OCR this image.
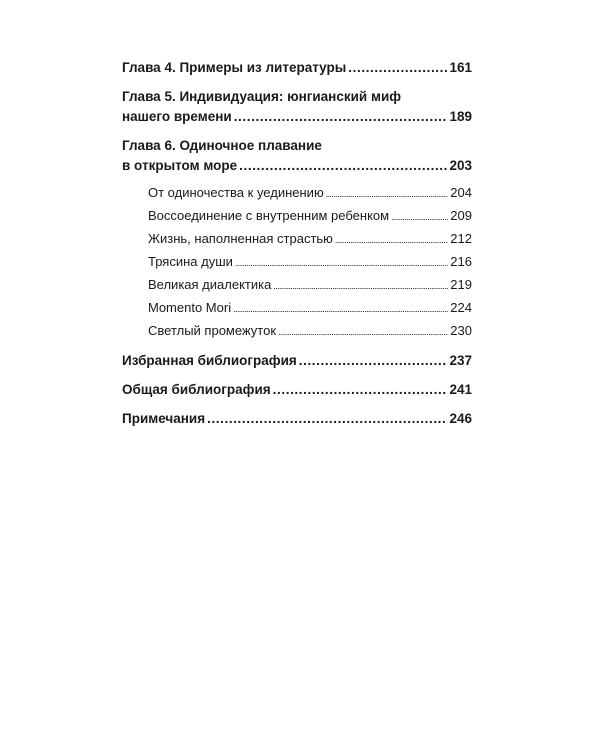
Глава 4. Примеры из литературы .....	161
Глава 5. Индивидуация: юнгианский миф
нашего времени .....	189
Глава 6. Одиночное плавание
в открытом море .....	203
От одиночества к уединению .....	204
Воссоединение с внутренним ребенком .....	209
Жизнь, наполненная страстью .....	212
Трясина души .....	216
Великая диалектика .....	219
Momento Mori .....	224
Светлый промежуток .....	230
Избранная библиография .....	237
Общая библиография .....	241
Примечания .....	246
